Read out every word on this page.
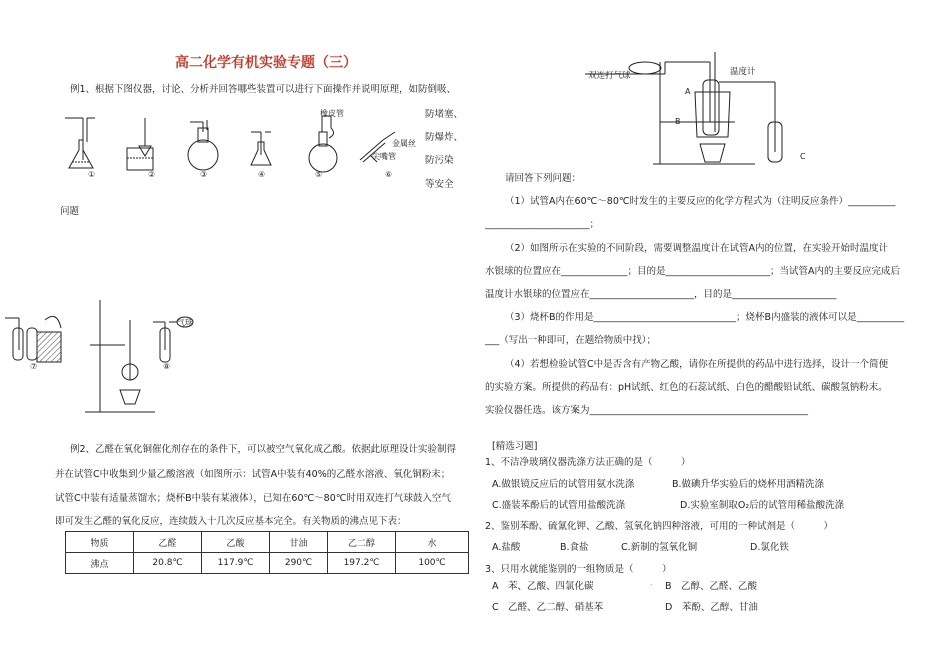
高二化学有机实验专题（三）
例1、根据下图仪器，讨论、分析并回答哪些装置可以进行下面操作并说明原理，如防倒吸、
防堵塞、
防爆炸、
防污染
等安全
问题
橡皮管
金属丝
尖嘴管
①	②	③	④	⑤	⑥
气球
⑦	⑧
例2、乙醛在氧化铜催化剂存在的条件下，可以被空气氧化成乙酸。依据此原理设计实验制得
并在试管C中收集到少量乙酸溶液（如图所示：试管A中装有40%的乙醛水溶液、氧化铜粉末；
试管C中装有适量蒸馏水；烧杯B中装有某液体），已知在60℃～80℃时用双连打气球鼓入空气
即可发生乙醛的氧化反应，连续鼓入十几次反应基本完全。有关物质的沸点见下表：
物质	乙醛	乙酸	甘油	乙二醇	水
沸点	20.8℃	117.9℃	290℃	197.2℃	100℃
双连打气球	温度计
A
B
C
请回答下列问题：
（1）试管A内在60℃～80℃时发生的主要反应的化学方程式为（注明反应条件）__________
______________________；
（2）如图所示在实验的不同阶段，需要调整温度计在试管A内的位置，在实验开始时温度计
水银球的位置应在______________；目的是______________________；当试管A内的主要反应完成后
温度计水银球的位置应在______________________，目的是______________________
（3）烧杯B的作用是______________________________；烧杯B内盛装的液体可以是__________
___（写出一种即可，在题给物质中找）；
（4）若想检验试管C中是否含有产物乙酸，请你在所提供的药品中进行选择，设计一个简便
的实验方案。所提供的药品有：pH试纸、红色的石蕊试纸、白色的醋酸铅试纸、碳酸氢钠粉末。
实验仪器任选。该方案为______________________________________________
[精选习题]
1、不洁净玻璃仪器洗涤方法正确的是（　　　）
A.做银镜反应后的试管用氨水洗涤	B.做碘升华实验后的烧杯用酒精洗涤
C.盛装苯酚后的试管用盐酸洗涤	D.实验室制取O₂后的试管用稀盐酸洗涤
2、鉴别苯酚、硫氰化钾、乙酸、氢氧化钠四种溶液，可用的一种试剂是（　　　）
A.盐酸	B.食盐	C.新制的氢氧化铜	D.氯化铁
3、只用水就能鉴别的一组物质是（　　　）
A　苯、乙酸、四氯化碳	B　乙醇、乙醛、乙酸
C　乙醛、乙二醇、硝基苯	D　苯酚、乙醇、甘油
.
